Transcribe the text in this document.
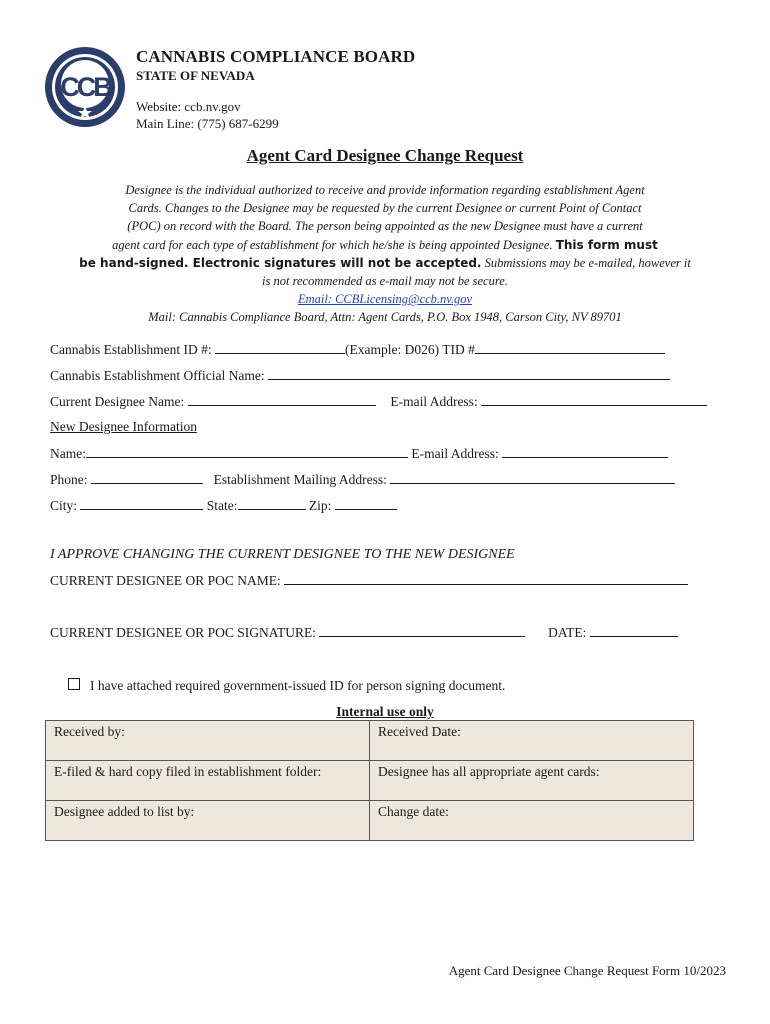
CCB
CANNABIS COMPLIANCE BOARD
STATE OF NEVADA
Website: ccb.nv.gov
Main Line: (775) 687-6299
Agent Card Designee Change Request
Designee is the individual authorized to receive and provide information regarding establishment Agent
Cards. Changes to the Designee may be requested by the current Designee or current Point of Contact
(POC) on record with the Board. The person being appointed as the new Designee must have a current
agent card for each type of establishment for which he/she is being appointed Designee. This form must
be hand-signed. Electronic signatures will not be accepted. Submissions may be e-mailed, however it
is not recommended as e-mail may not be secure.
Email: CCBLicensing@ccb.nv.gov
Mail: Cannabis Compliance Board, Attn: Agent Cards, P.O. Box 1948, Carson City, NV 89701
Cannabis Establishment ID #:	(Example: D026) TID #
Cannabis Establishment Official Name:
Current Designee Name:	E-mail Address:
New Designee Information
Name:	E-mail Address:
Phone:	Establishment Mailing Address:
City:	State:	Zip:
I APPROVE CHANGING THE CURRENT DESIGNEE TO THE NEW DESIGNEE
CURRENT DESIGNEE OR POC NAME:
CURRENT DESIGNEE OR POC SIGNATURE:	DATE:
I have attached required government-issued ID for person signing document.
Internal use only
Received by:	Received Date:
E-filed & hard copy filed in establishment folder:	Designee has all appropriate agent cards:
Designee added to list by:	Change date:
Agent Card Designee Change Request Form 10/2023
